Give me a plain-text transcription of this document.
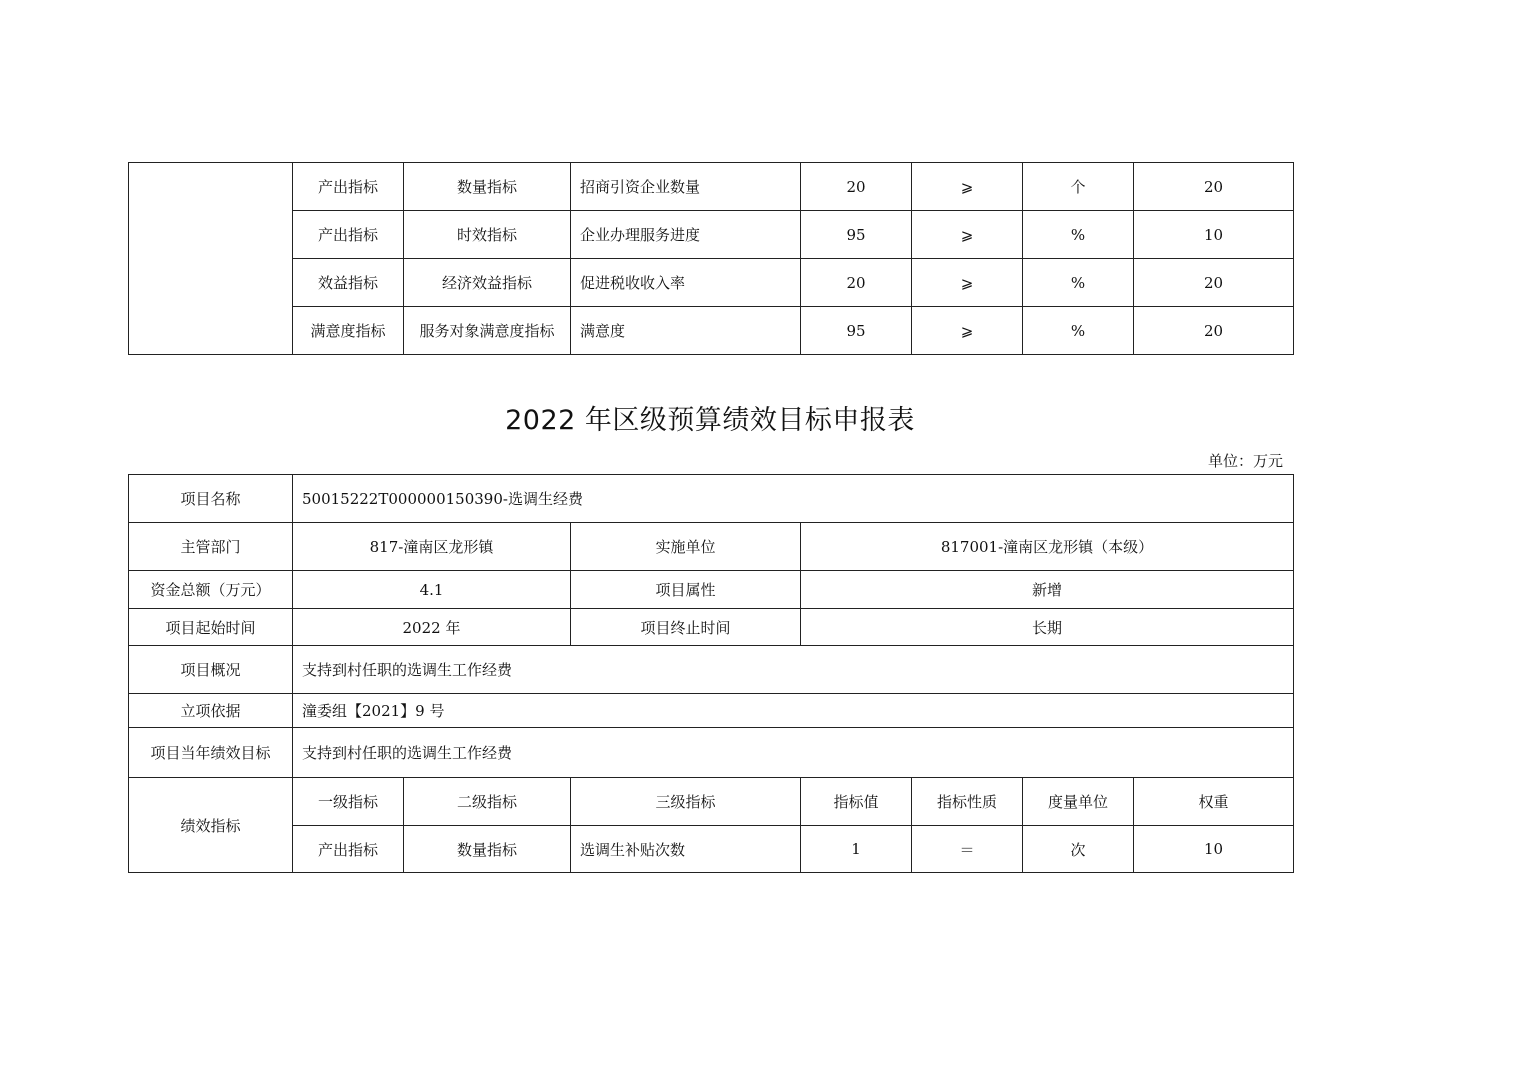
	产出指标	数量指标	招商引资企业数量	20	⩾	个	20
	产出指标	时效指标	企业办理服务进度	95	⩾	%	10
	效益指标	经济效益指标	促进税收收入率	20	⩾	%	20
	满意度指标	服务对象满意度指标	满意度	95	⩾	%	20
2022 年区级预算绩效目标申报表
单位：万元
项目名称	50015222T000000150390-选调生经费						
主管部门	817-潼南区龙形镇		实施单位	817001-潼南区龙形镇（本级）			
资金总额（万元）	4.1		项目属性	新增			
项目起始时间	2022 年		项目终止时间	长期			
项目概况	支持到村任职的选调生工作经费						
立项依据	潼委组【2021】9 号						
项目当年绩效目标	支持到村任职的选调生工作经费						
绩效指标	一级指标	二级指标	三级指标	指标值	指标性质	度量单位	权重
	产出指标	数量指标	选调生补贴次数	1	＝	次	10
